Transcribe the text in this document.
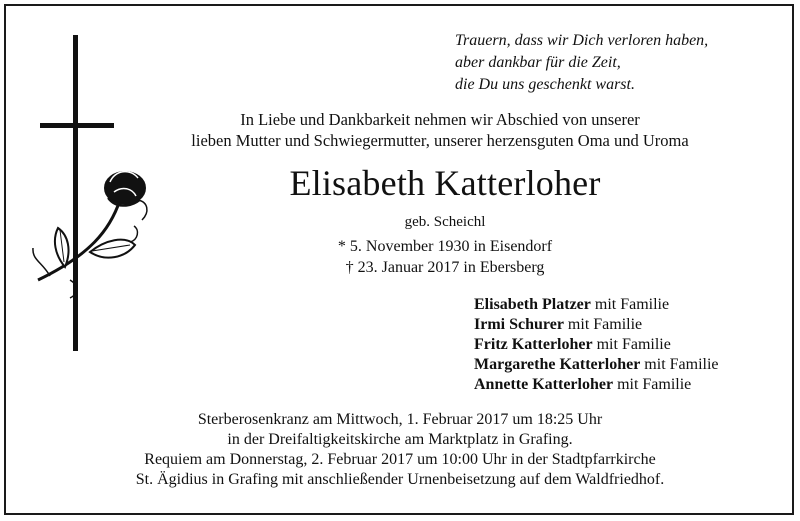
Trauern, dass wir Dich verloren haben,
aber dankbar für die Zeit,
die Du uns geschenkt warst.
In Liebe und Dankbarkeit nehmen wir Abschied von unserer
lieben Mutter und Schwiegermutter, unserer herzensguten Oma und Uroma
Elisabeth Katterloher
geb. Scheichl
* 5. November 1930 in Eisendorf
† 23. Januar 2017 in Ebersberg
Elisabeth Platzer mit Familie
Irmi Schurer mit Familie
Fritz Katterloher mit Familie
Margarethe Katterloher mit Familie
Annette Katterloher mit Familie
Sterberosenkranz am Mittwoch, 1. Februar 2017 um 18:25 Uhr
in der Dreifaltigkeitskirche am Marktplatz in Grafing.
Requiem am Donnerstag, 2. Februar 2017 um 10:00 Uhr in der Stadtpfarrkirche
St. Ägidius in Grafing mit anschließender Urnenbeisetzung auf dem Waldfriedhof.
